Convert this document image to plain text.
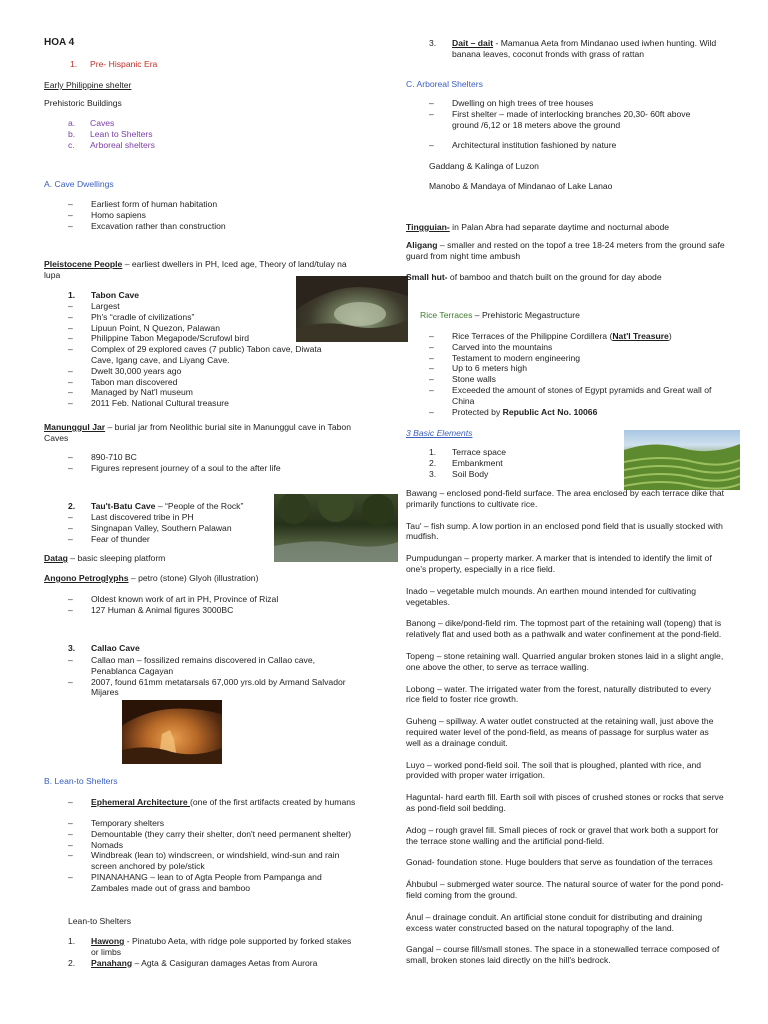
HOA 4
1. Pre- Hispanic Era
Early Philippine shelter
Prehistoric Buildings
a. Caves
b. Lean to Shelters
c. Arboreal shelters
A. Cave Dwellings
– Earliest form of human habitation
– Homo sapiens
– Excavation rather than construction
Pleistocene People – earliest dwellers in PH, Iced age, Theory of land/tulay na lupa
1. Tabon Cave
– Largest
– Ph's “cradle of civilizations”
– Lipuun Point, N Quezon, Palawan
– Philippine Tabon Megapode/Scrufowl bird
– Complex of 29 explored caves (7 public) Tabon cave, Diwata Cave, Igang cave, and Liyang Cave.
– Dwelt 30,000 years ago
– Tabon man discovered
– Managed by Nat'l museum
– 2011 Feb. National Cultural treasure
Manunggul Jar – burial jar from Neolithic burial site in Manunggul cave in Tabon Caves
– 890-710 BC
– Figures represent journey of a soul to the after life
2. Tau't-Batu Cave – “People of the Rock”
– Last discovered tribe in PH
– Singnapan Valley, Southern Palawan
– Fear of thunder
Datag – basic sleeping platform
Angono Petroglyphs – petro (stone) Glyoh (illustration)
– Oldest known work of art in PH, Province of Rizal
– 127 Human & Animal figures 3000BC
3. Callao Cave
– Callao man – fossilized remains discovered in Callao cave, Penablanca Cagayan
– 2007, found 61mm metatarsals 67,000 yrs.old by Armand Salvador Mijares
B. Lean-to Shelters
– Ephemeral Architecture (one of the first artifacts created by humans
– Temporary shelters
– Demountable (they carry their shelter, don't need permanent shelter)
– Nomads
– Windbreak (lean to) windscreen, or windshield, wind-sun and rain screen anchored by pole/stick
– PINANAHANG – lean to of Agta People from Pampanga and Zambales made out of grass and bamboo
Lean-to Shelters
1. Hawong - Pinatubo Aeta, with ridge pole supported by forked stakes or limbs
2. Panahang – Agta & Casiguran damages Aetas from Aurora
3. Dait – dait - Mamanua Aeta from Mindanao used iwhen hunting. Wild banana leaves, coconut fronds with grass of rattan
C. Arboreal Shelters
– Dwelling on high trees of tree houses
– First shelter – made of interlocking branches 20,30- 60ft above ground /6,12 or 18 meters above the ground
– Architectural institution fashioned by nature
Gaddang & Kalinga of Luzon
Manobo & Mandaya of Mindanao of Lake Lanao
Tingguian- in Palan Abra had separate daytime and nocturnal abode
Aligang – smaller and rested on the topof a tree 18-24 meters from the ground safe guard from night time ambush
Small hut- of bamboo and thatch built on the ground for day abode
Rice Terraces – Prehistoric Megastructure
– Rice Terraces of the Philippine Cordillera (Nat'l Treasure)
– Carved into the mountains
– Testament to modern engineering
– Up to 6 meters high
– Stone walls
– Exceeded the amount of stones of Egypt pyramids and Great wall of China
– Protected by Republic Act No. 10066
3 Basic Elements
1. Terrace space
2. Embankment
3. Soil Body

Bawang – enclosed pond-field surface. The area enclosed by each terrace dike that primarily functions to cultivate rice.

Tau' – fish sump. A low portion in an enclosed pond field that is usually stocked with mudfish.

Pumpudungan – property marker. A marker that is intended to identify the limit of one's property, especially in a rice field.

Inado – vegetable mulch mounds. An earthen mound intended for cultivating vegetables.

Banong – dike/pond-field rim. The topmost part of the retaining wall (topeng) that is relatively flat and used both as a pathwalk and water confinement at the pond-field.

Topeng – stone retaining wall. Quarried angular broken stones laid in a slight angle, one above the other, to serve as terrace walling.

Lobong – water. The irrigated water from the forest, naturally distributed to every rice field to foster rice growth.

Guheng – spillway. A water outlet constructed at the retaining wall, just above the required water level of the pond-field, as means of passage for surplus water as well as a drainage conduit.

Luyo – worked pond-field soil. The soil that is ploughed, planted with rice, and provided with proper water irrigation.

Haguntal- hard earth fill. Earth soil with pisces of crushed stones or rocks that serve as pond-field soil bedding.

Adog – rough gravel fill. Small pieces of rock or gravel that work both a support for the terrace stone walling and the artificial pond-field.

Gonad- foundation stone. Huge boulders that serve as foundation of the terraces

Áhbubul – submerged water source. The natural source of water for the pond pond-field coming from the ground.

Ánul – drainage conduit. An artificial stone conduit for distributing and draining excess water constructed based on the natural topography of the land.

Gangal – course fill/small stones. The space in a stonewalled terrace composed of small, broken stones laid directly on the hill's bedrock.
